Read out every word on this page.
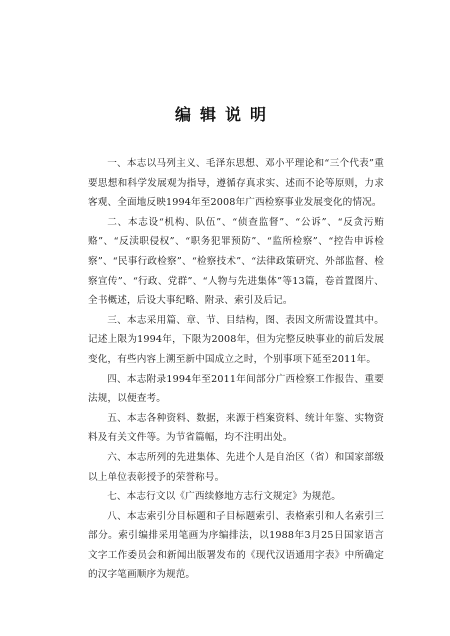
编辑说明

一、本志以马列主义、毛泽东思想、邓小平理论和“三个代表”重要思想和科学发展观为指导，遵循存真求实、述而不论等原则，力求客观、全面地反映1994年至2008年广西检察事业发展变化的情况。

二、本志设“机构、队伍”、“侦查监督”、“公诉”、“反贪污贿赂”、“反渎职侵权”、“职务犯罪预防”、“监所检察”、“控告申诉检察”、“民事行政检察”、“检察技术”、“法律政策研究、外部监督、检察宣传”、“行政、党群”、“人物与先进集体”等13篇，卷首置图片、全书概述，后设大事纪略、附录、索引及后记。

三、本志采用篇、章、节、目结构，图、表因文所需设置其中。记述上限为1994年，下限为2008年，但为完整反映事业的前后发展变化，有些内容上溯至新中国成立之时，个别事项下延至2011年。

四、本志附录1994年至2011年间部分广西检察工作报告、重要法规，以便查考。

五、本志各种资料、数据，来源于档案资料、统计年鉴、实物资料及有关文件等。为节省篇幅，均不注明出处。

六、本志所列的先进集体、先进个人是自治区（省）和国家部级以上单位表彰授予的荣誉称号。

七、本志行文以《广西续修地方志行文规定》为规范。

八、本志索引分目标题和子目标题索引、表格索引和人名索引三部分。索引编排采用笔画为序编排法，以1988年3月25日国家语言文字工作委员会和新闻出版署发布的《现代汉语通用字表》中所确定的汉字笔画顺序为规范。
